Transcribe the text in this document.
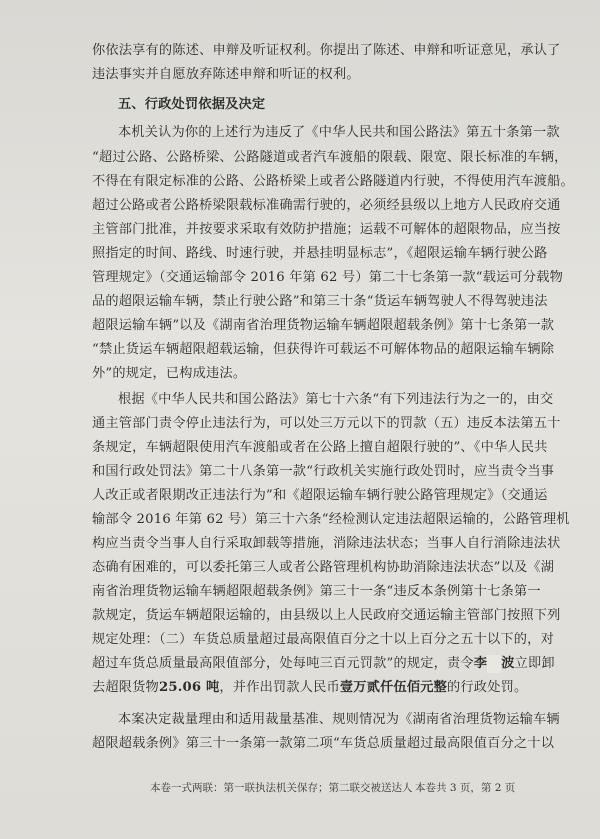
你依法享有的陈述、申辩及听证权利。你提出了陈述、申辩和听证意见，承认了
违法事实并自愿放弃陈述申辩和听证的权利。
五、行政处罚依据及决定
本机关认为你的上述行为违反了《中华人民共和国公路法》第五十条第一款
“超过公路、公路桥梁、公路隧道或者汽车渡船的限载、限宽、限长标准的车辆，
不得在有限定标准的公路、公路桥梁上或者公路隧道内行驶，不得使用汽车渡船。
超过公路或者公路桥梁限载标准确需行驶的，必须经县级以上地方人民政府交通
主管部门批准，并按要求采取有效防护措施；运载不可解体的超限物品，应当按
照指定的时间、路线、时速行驶，并悬挂明显标志”，《超限运输车辆行驶公路
管理规定》（交通运输部令 2016 年第 62 号）第二十七条第一款“载运可分载物
品的超限运输车辆，禁止行驶公路”和第三十条“货运车辆驾驶人不得驾驶违法
超限运输车辆”以及《湖南省治理货物运输车辆超限超载条例》第十七条第一款
“禁止货运车辆超限超载运输，但获得许可载运不可解体物品的超限运输车辆除
外”的规定，已构成违法。
根据《中华人民共和国公路法》第七十六条“有下列违法行为之一的，由交
通主管部门责令停止违法行为，可以处三万元以下的罚款（五）违反本法第五十
条规定，车辆超限使用汽车渡船或者在公路上擅自超限行驶的”、《中华人民共
和国行政处罚法》第二十八条第一款“行政机关实施行政处罚时，应当责令当事
人改正或者限期改正违法行为”和《超限运输车辆行驶公路管理规定》（交通运
输部令 2016 年第 62 号）第三十六条“经检测认定违法超限运输的，公路管理机
构应当责令当事人自行采取卸载等措施，消除违法状态；当事人自行消除违法状
态确有困难的，可以委托第三人或者公路管理机构协助消除违法状态”以及《湖
南省治理货物运输车辆超限超载条例》第三十一条“违反本条例第十七条第一
款规定，货运车辆超限运输的，由县级以上人民政府交通运输主管部门按照下列
规定处理：（二）车货总质量超过最高限值百分之十以上百分之五十以下的，对
超过车货总质量最高限值部分，处每吨三百元罚款”的规定，责令李 波立即卸
去超限货物25.06 吨，并作出罚款人民币壹万贰仟伍佰元整的行政处罚。
本案决定裁量理由和适用裁量基准、规则情况为《湖南省治理货物运输车辆
超限超载条例》第三十一条第一款第二项“车货总质量超过最高限值百分之十以
本卷一式两联：第一联执法机关保存；第二联交被送达人 本卷共 3 页，第 2 页
